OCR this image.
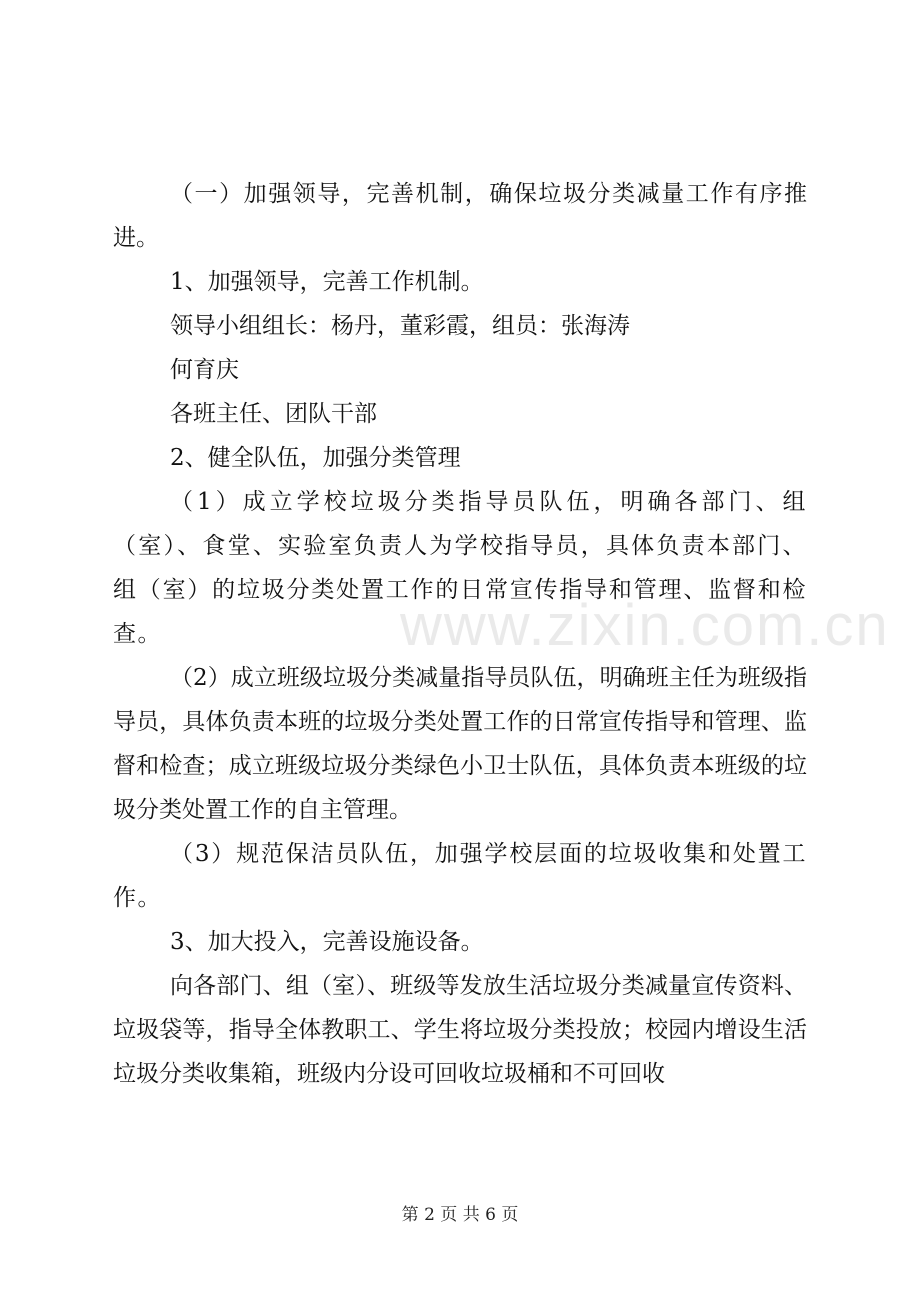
（一）加强领导，完善机制，确保垃圾分类减量工作有序推进。

1、加强领导，完善工作机制。

领导小组组长：杨丹，董彩霞，组员：张海涛

何育庆

各班主任、团队干部

2、健全队伍，加强分类管理

（1）成立学校垃圾分类指导员队伍，明确各部门、组（室）、食堂、实验室负责人为学校指导员，具体负责本部门、组（室）的垃圾分类处置工作的日常宣传指导和管理、监督和检查。

（2）成立班级垃圾分类减量指导员队伍，明确班主任为班级指导员，具体负责本班的垃圾分类处置工作的日常宣传指导和管理、监督和检查；成立班级垃圾分类绿色小卫士队伍，具体负责本班级的垃圾分类处置工作的自主管理。

（3）规范保洁员队伍，加强学校层面的垃圾收集和处置工作。

3、加大投入，完善设施设备。

向各部门、组（室）、班级等发放生活垃圾分类减量宣传资料、垃圾袋等，指导全体教职工、学生将垃圾分类投放；校园内增设生活垃圾分类收集箱，班级内分设可回收垃圾桶和不可回收

www.zixin.com.cn
第 2 页 共 6 页
